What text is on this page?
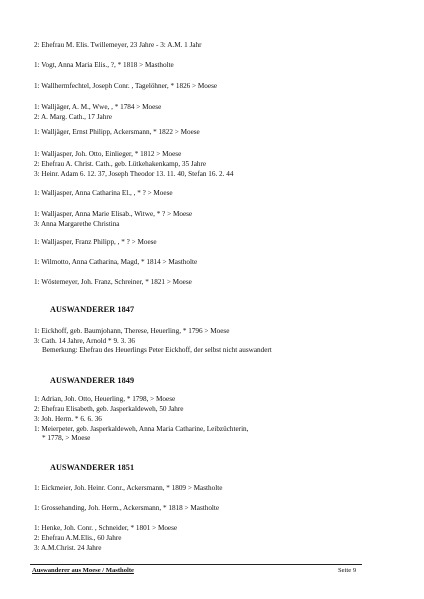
2: Ehefrau M. Elis. Twillemeyer, 23 Jahre - 3: A.M. 1 Jahr
1: Vogt, Anna Maria Elis., ?, * 1818 > Mastholte
1: Wallhermfechtel, Joseph Conr. , Tagelöhner, * 1826 > Moese
1: Walljäger, A. M., Wwe, , * 1784 > Moese
2: A. Marg. Cath., 17 Jahre
1: Walljäger, Ernst Philipp, Ackersmann, * 1822 > Moese
1: Walljasper, Joh. Otto, Einlieger, * 1812 > Moese
2: Ehefrau A. Christ. Cath., geb. Lütkehakenkamp, 35 Jahre
3: Heinr. Adam 6. 12. 37, Joseph Theodor 13. 11. 40, Stefan 16. 2. 44
1: Walljasper, Anna Catharina El., , * ? > Moese
1: Walljasper, Anna Marie Elisab., Witwe, * ? > Moese
3: Anna Margarethe Christina
1: Walljasper, Franz Philipp, , * ? > Moese
1: Wilmotto, Anna Catharina, Magd, * 1814 > Mastholte
1: Wöstemeyer, Joh. Franz, Schreiner, * 1821 > Moese
AUSWANDERER 1847
1: Eickhoff, geb. Baumjohann, Therese, Heuerling, * 1796 > Moese
3: Cath. 14 Jahre, Arnold * 9. 3. 36
Bemerkung: Ehefrau des Heuerlings Peter Eickhoff, der selbst nicht auswandert
AUSWANDERER 1849
1: Adrian, Joh. Otto, Heuerling, * 1798, > Moese
2: Ehefrau Elisabeth, geb. Jasperkaldeweh, 50 Jahre
3: Joh. Herm. * 6. 6. 36
1: Meierpeter, geb. Jasperkaldeweh, Anna Maria Catharine, Leibzüchterin,
* 1778, > Moese
AUSWANDERER 1851
1: Eickmeier, Joh. Heinr. Conr., Ackersmann, * 1809 > Mastholte
1: Grossehanding, Joh. Herm., Ackersmann, * 1818 > Mastholte
1: Henke, Joh. Conr. , Schneider, * 1801 > Moese
2: Ehefrau A.M.Elis., 60 Jahre
3: A.M.Christ. 24 Jahre
Auswanderer aus Moese / Mastholte	Seite 9
